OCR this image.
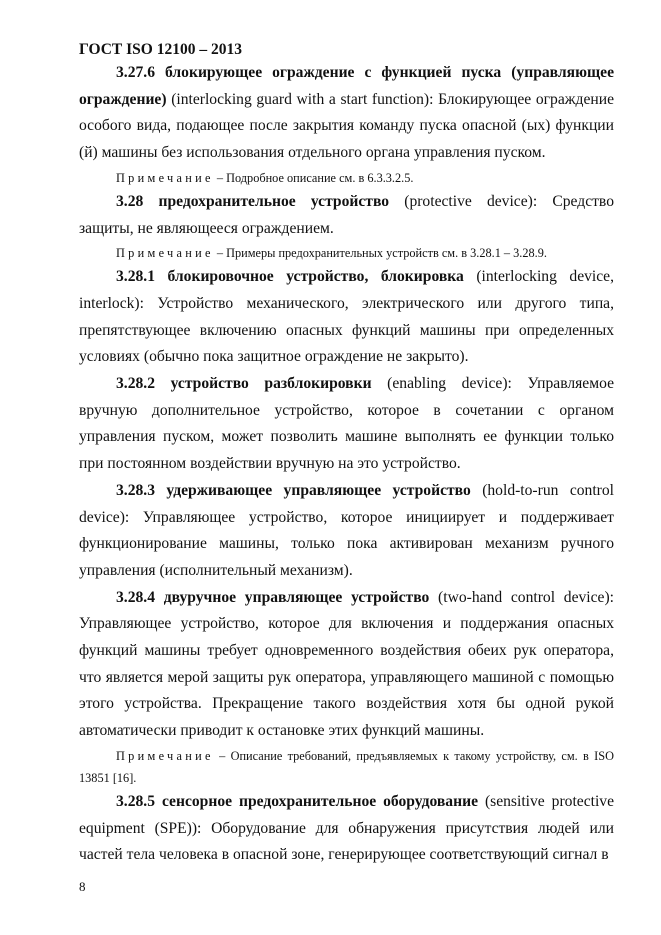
ГОСТ ISO 12100 – 2013

3.27.6 блокирующее ограждение с функцией пуска (управляющее ограждение) (interlocking guard with a start function): Блокирующее ограждение особого вида, подающее после закрытия команду пуска опасной (ых) функции (й) машины без использования отдельного органа управления пуском.

Примечание – Подробное описание см. в 6.3.3.2.5.

3.28 предохранительное устройство (protective device): Средство защиты, не являющееся ограждением.

Примечание – Примеры предохранительных устройств см. в 3.28.1 – 3.28.9.

3.28.1 блокировочное устройство, блокировка (interlocking device, interlock): Устройство механического, электрического или другого типа, препятствующее включению опасных функций машины при определенных условиях (обычно пока защитное ограждение не закрыто).

3.28.2 устройство разблокировки (enabling device): Управляемое вручную дополнительное устройство, которое в сочетании с органом управления пуском, может позволить машине выполнять ее функции только при постоянном воздействии вручную на это устройство.

3.28.3 удерживающее управляющее устройство (hold-to-run control device): Управляющее устройство, которое инициирует и поддерживает функционирование машины, только пока активирован механизм ручного управления (исполнительный механизм).

3.28.4 двуручное управляющее устройство (two-hand control device): Управляющее устройство, которое для включения и поддержания опасных функций машины требует одновременного воздействия обеих рук оператора, что является мерой защиты рук оператора, управляющего машиной с помощью этого устройства. Прекращение такого воздействия хотя бы одной рукой автоматически приводит к остановке этих функций машины.

Примечание – Описание требований, предъявляемых к такому устройству, см. в ISO 13851 [16].

3.28.5 сенсорное предохранительное оборудование (sensitive protective equipment (SPE)): Оборудование для обнаружения присутствия людей или частей тела человека в опасной зоне, генерирующее соответствующий сигнал в

8
